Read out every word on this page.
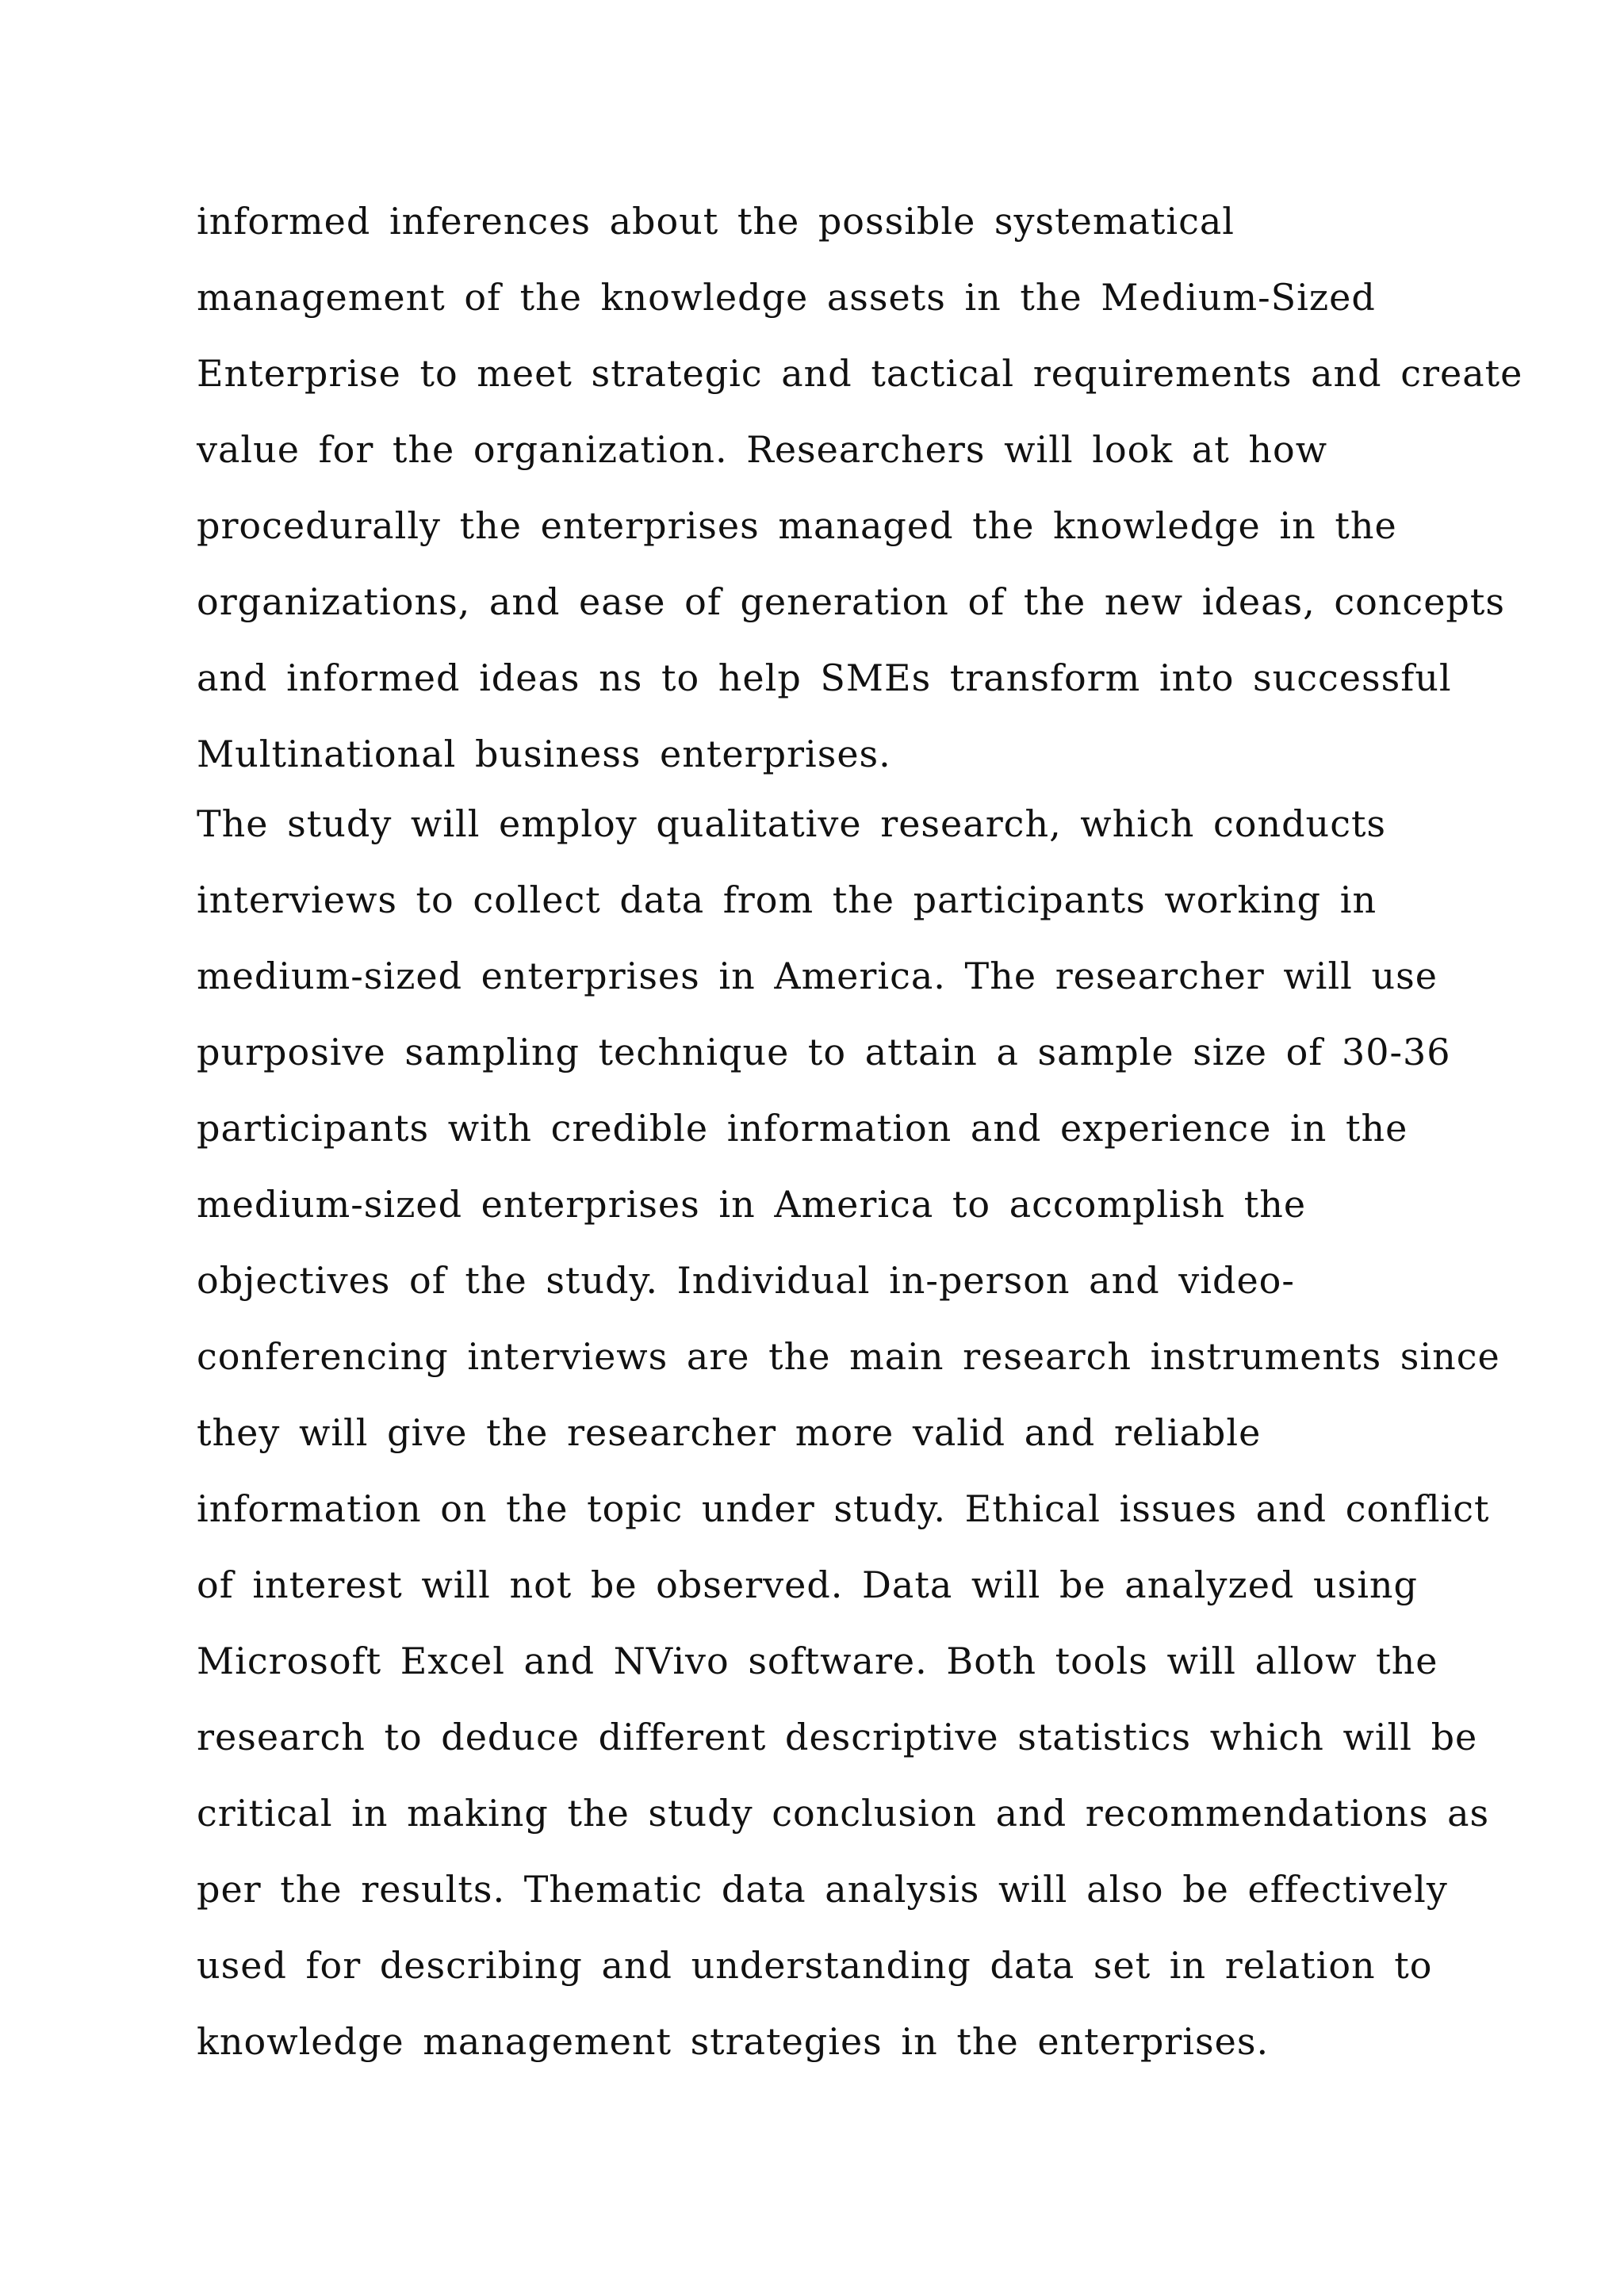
informed inferences about the possible systematical
management of the knowledge assets in the Medium-Sized
Enterprise to meet strategic and tactical requirements and create
value for the organization. Researchers will look at how
procedurally the enterprises managed the knowledge in the
organizations, and ease of generation of the new ideas, concepts
and informed ideas ns to help SMEs transform into successful
Multinational business enterprises.
The study will employ qualitative research, which conducts
interviews to collect data from the participants working in
medium-sized enterprises in America. The researcher will use
purposive sampling technique to attain a sample size of 30-36
participants with credible information and experience in the
medium-sized enterprises in America to accomplish the
objectives of the study. Individual in-person and video-
conferencing interviews are the main research instruments since
they will give the researcher more valid and reliable
information on the topic under study. Ethical issues and conflict
of interest will not be observed. Data will be analyzed using
Microsoft Excel and NVivo software. Both tools will allow the
research to deduce different descriptive statistics which will be
critical in making the study conclusion and recommendations as
per the results. Thematic data analysis will also be effectively
used for describing and understanding data set in relation to
knowledge management strategies in the enterprises.
